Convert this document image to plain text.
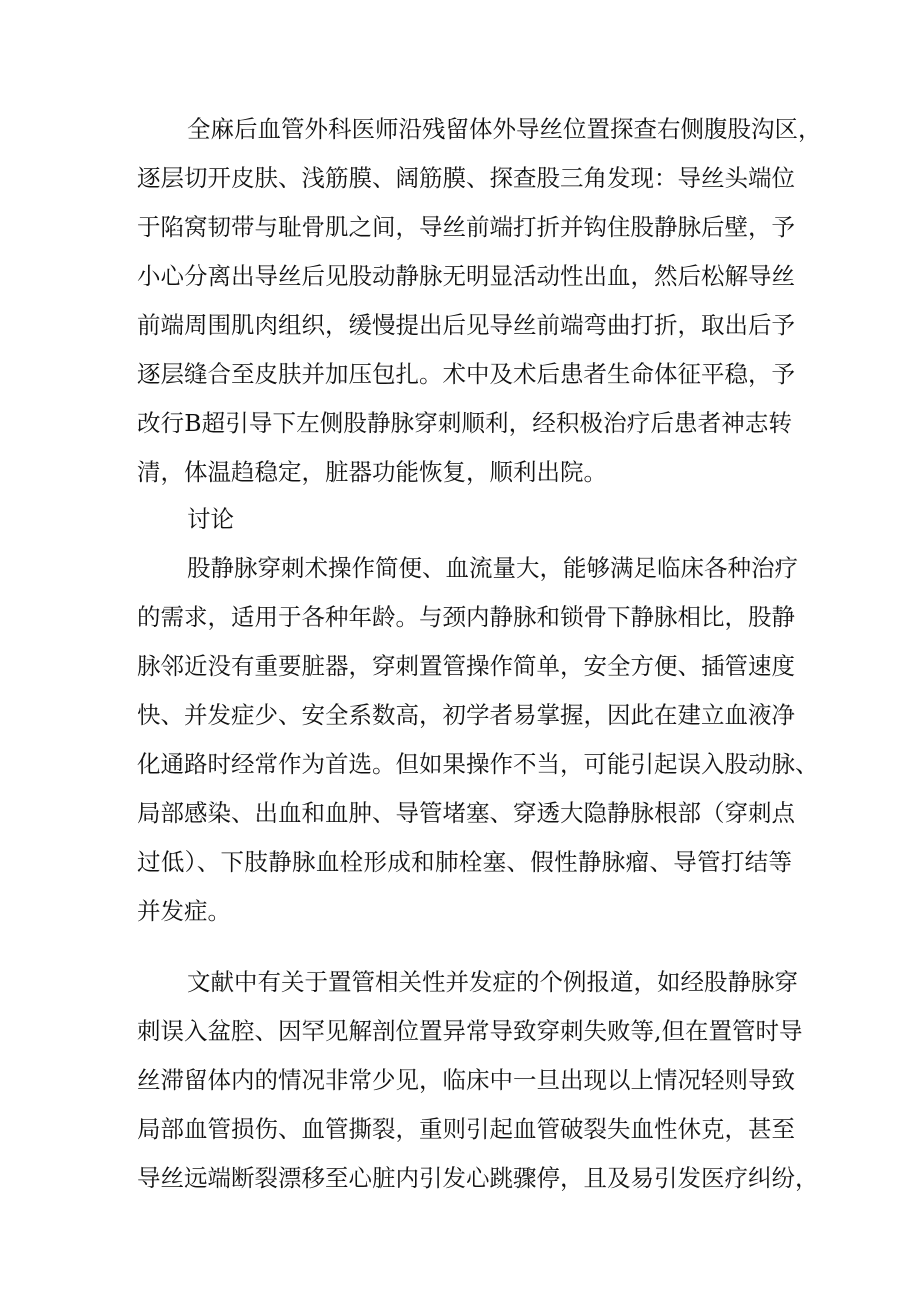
全麻后血管外科医师沿残留体外导丝位置探查右侧腹股沟区，
逐层切开皮肤、浅筋膜、阔筋膜、探查股三角发现：导丝头端位
于陷窝韧带与耻骨肌之间，导丝前端打折并钩住股静脉后壁，予
小心分离出导丝后见股动静脉无明显活动性出血，然后松解导丝
前端周围肌肉组织，缓慢提出后见导丝前端弯曲打折，取出后予
逐层缝合至皮肤并加压包扎。术中及术后患者生命体征平稳，予
改行B超引导下左侧股静脉穿刺顺利，经积极治疗后患者神志转
清，体温趋稳定，脏器功能恢复，顺利出院。
讨论
股静脉穿刺术操作简便、血流量大，能够满足临床各种治疗
的需求，适用于各种年龄。与颈内静脉和锁骨下静脉相比，股静
脉邻近没有重要脏器，穿刺置管操作简单，安全方便、插管速度
快、并发症少、安全系数高，初学者易掌握，因此在建立血液净
化通路时经常作为首选。但如果操作不当，可能引起误入股动脉、
局部感染、出血和血肿、导管堵塞、穿透大隐静脉根部（穿刺点
过低）、下肢静脉血栓形成和肺栓塞、假性静脉瘤、导管打结等
并发症。
文献中有关于置管相关性并发症的个例报道，如经股静脉穿
刺误入盆腔、因罕见解剖位置异常导致穿刺失败等,但在置管时导
丝滞留体内的情况非常少见，临床中一旦出现以上情况轻则导致
局部血管损伤、血管撕裂，重则引起血管破裂失血性休克，甚至
导丝远端断裂漂移至心脏内引发心跳骤停，且及易引发医疗纠纷，
